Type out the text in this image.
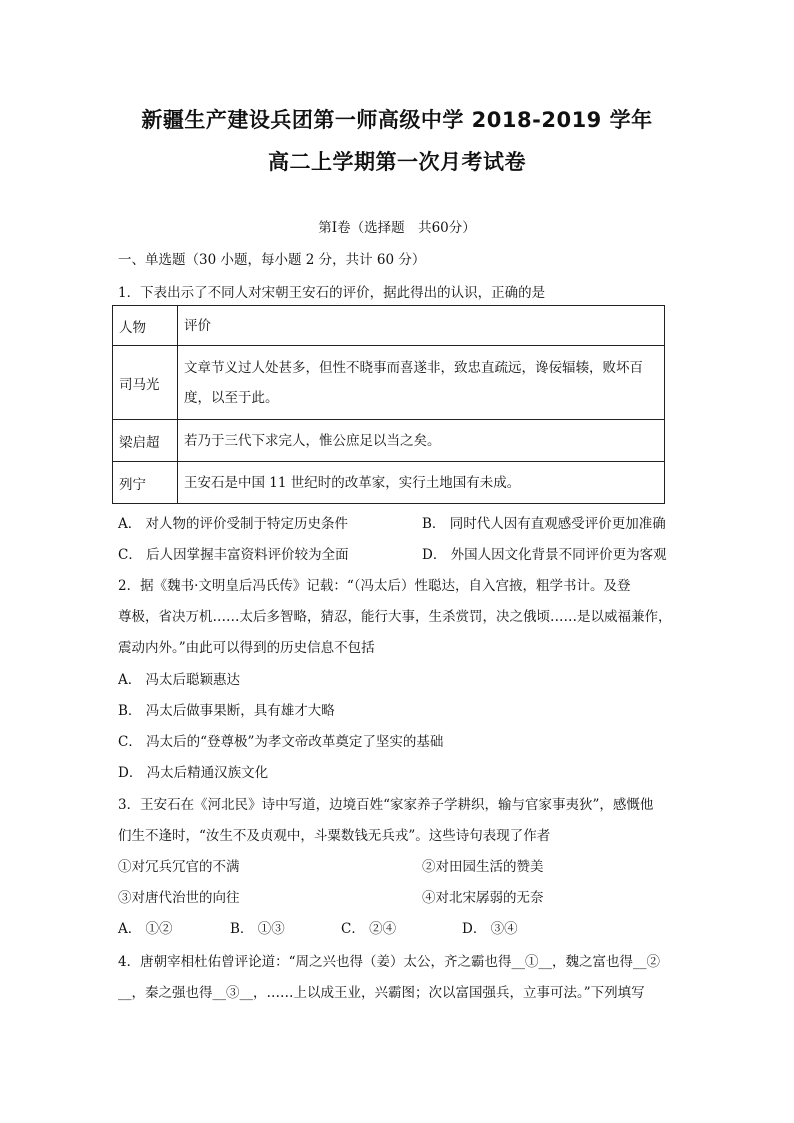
新疆生产建设兵团第一师高级中学 2018-2019 学年
高二上学期第一次月考试卷
第Ⅰ卷（选择题　共60分）
一、单选题（30 小题，每小题 2 分，共计 60 分）
1．下表出示了不同人对宋朝王安石的评价，据此得出的认识，正确的是
人物	评价
司马光	文章节义过人处甚多，但性不晓事而喜遂非，致忠直疏远，谗佞辐辏，败坏百
度，以至于此。

梁启超	若乃于三代下求完人，惟公庶足以当之矣。
列宁	王安石是中国 11 世纪时的改革家，实行土地国有未成。
A． 对人物的评价受制于特定历史条件	B． 同时代人因有直观感受评价更加准确
C． 后人因掌握丰富资料评价较为全面	D． 外国人因文化背景不同评价更为客观
2．据《魏书·文明皇后冯氏传》记载：“（冯太后）性聪达，自入宫掖，粗学书计。及登
尊极，省决万机……太后多智略，猜忍，能行大事，生杀赏罚，决之俄顷……是以威福兼作，
震动内外。”由此可以得到的历史信息不包括
A． 冯太后聪颖惠达
B． 冯太后做事果断，具有雄才大略
C． 冯太后的“登尊极”为孝文帝改革奠定了坚实的基础
D． 冯太后精通汉族文化
3．王安石在《河北民》诗中写道，边境百姓“家家养子学耕织，输与官家事夷狄”，感慨他
们生不逢时，“汝生不及贞观中，斗粟数钱无兵戎”。这些诗句表现了作者
①对冗兵冗官的不满	②对田园生活的赞美
③对唐代治世的向往	④对北宋孱弱的无奈
A． ①②	B． ①③	C． ②④	D． ③④
4．唐朝宰相杜佑曾评论道：“周之兴也得（姜）太公，齐之霸也得__①__，魏之富也得__②
__，秦之强也得__③__，……上以成王业，兴霸图；次以富国强兵，立事可法。”下列填写
